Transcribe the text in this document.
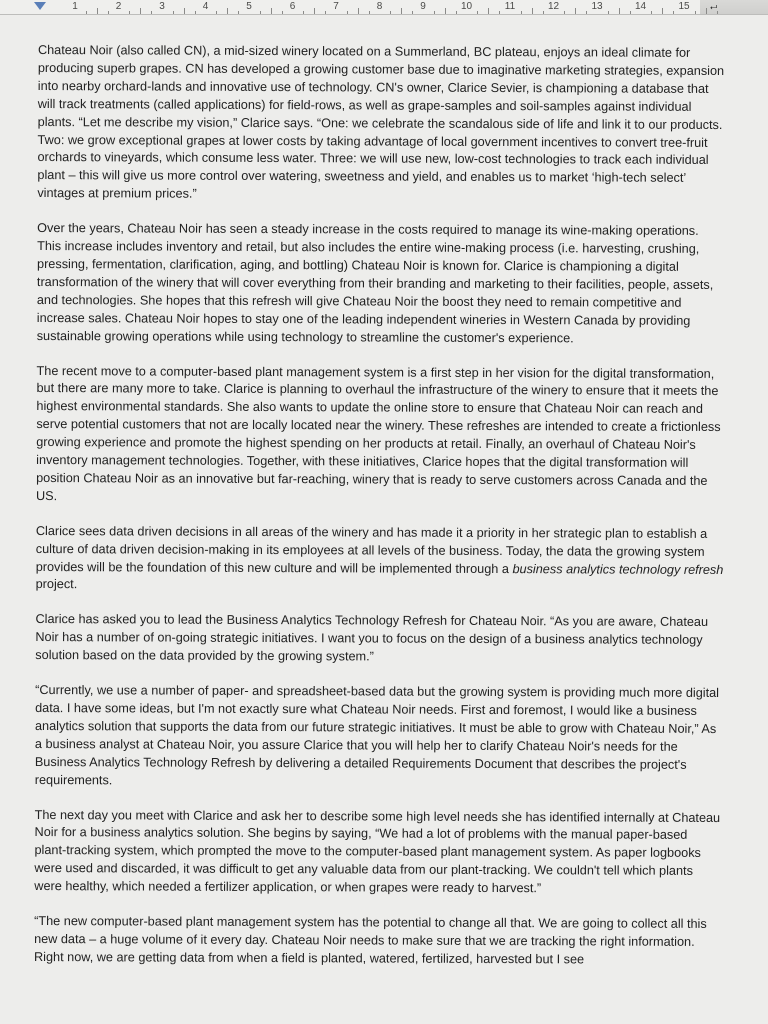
1	2	3	4	5	6	7	8	9	10	11	12	13	14	15 ⮠

Chateau Noir (also called CN), a mid-sized winery located on a Summerland, BC plateau, enjoys an ideal climate for producing superb grapes. CN has developed a growing customer base due to imaginative marketing strategies, expansion into nearby orchard-lands and innovative use of technology. CN's owner, Clarice Sevier, is championing a database that will track treatments (called applications) for field-rows, as well as grape-samples and soil-samples against individual plants. “Let me describe my vision,” Clarice says. “One: we celebrate the scandalous side of life and link it to our products. Two: we grow exceptional grapes at lower costs by taking advantage of local government incentives to convert tree-fruit orchards to vineyards, which consume less water. Three: we will use new, low-cost technologies to track each individual plant – this will give us more control over watering, sweetness and yield, and enables us to market ‘high-tech select’ vintages at premium prices.”

Over the years, Chateau Noir has seen a steady increase in the costs required to manage its wine-making operations. This increase includes inventory and retail, but also includes the entire wine-making process (i.e. harvesting, crushing, pressing, fermentation, clarification, aging, and bottling) Chateau Noir is known for. Clarice is championing a digital transformation of the winery that will cover everything from their branding and marketing to their facilities, people, assets, and technologies. She hopes that this refresh will give Chateau Noir the boost they need to remain competitive and increase sales. Chateau Noir hopes to stay one of the leading independent wineries in Western Canada by providing sustainable growing operations while using technology to streamline the customer's experience.

The recent move to a computer-based plant management system is a first step in her vision for the digital transformation, but there are many more to take. Clarice is planning to overhaul the infrastructure of the winery to ensure that it meets the highest environmental standards. She also wants to update the online store to ensure that Chateau Noir can reach and serve potential customers that not are locally located near the winery. These refreshes are intended to create a frictionless growing experience and promote the highest spending on her products at retail. Finally, an overhaul of Chateau Noir's inventory management technologies. Together, with these initiatives, Clarice hopes that the digital transformation will position Chateau Noir as an innovative but far-reaching, winery that is ready to serve customers across Canada and the US.

Clarice sees data driven decisions in all areas of the winery and has made it a priority in her strategic plan to establish a culture of data driven decision-making in its employees at all levels of the business. Today, the data the growing system provides will be the foundation of this new culture and will be implemented through a business analytics technology refresh project.

Clarice has asked you to lead the Business Analytics Technology Refresh for Chateau Noir. “As you are aware, Chateau Noir has a number of on-going strategic initiatives. I want you to focus on the design of a business analytics technology solution based on the data provided by the growing system.”

“Currently, we use a number of paper- and spreadsheet-based data but the growing system is providing much more digital data. I have some ideas, but I'm not exactly sure what Chateau Noir needs. First and foremost, I would like a business analytics solution that supports the data from our future strategic initiatives. It must be able to grow with Chateau Noir,” As a business analyst at Chateau Noir, you assure Clarice that you will help her to clarify Chateau Noir's needs for the Business Analytics Technology Refresh by delivering a detailed Requirements Document that describes the project's requirements.

The next day you meet with Clarice and ask her to describe some high level needs she has identified internally at Chateau Noir for a business analytics solution. She begins by saying, “We had a lot of problems with the manual paper-based plant-tracking system, which prompted the move to the computer-based plant management system. As paper logbooks were used and discarded, it was difficult to get any valuable data from our plant-tracking. We couldn't tell which plants were healthy, which needed a fertilizer application, or when grapes were ready to harvest.”

“The new computer-based plant management system has the potential to change all that. We are going to collect all this new data – a huge volume of it every day. Chateau Noir needs to make sure that we are tracking the right information. Right now, we are getting data from when a field is planted, watered, fertilized, harvested but I see
